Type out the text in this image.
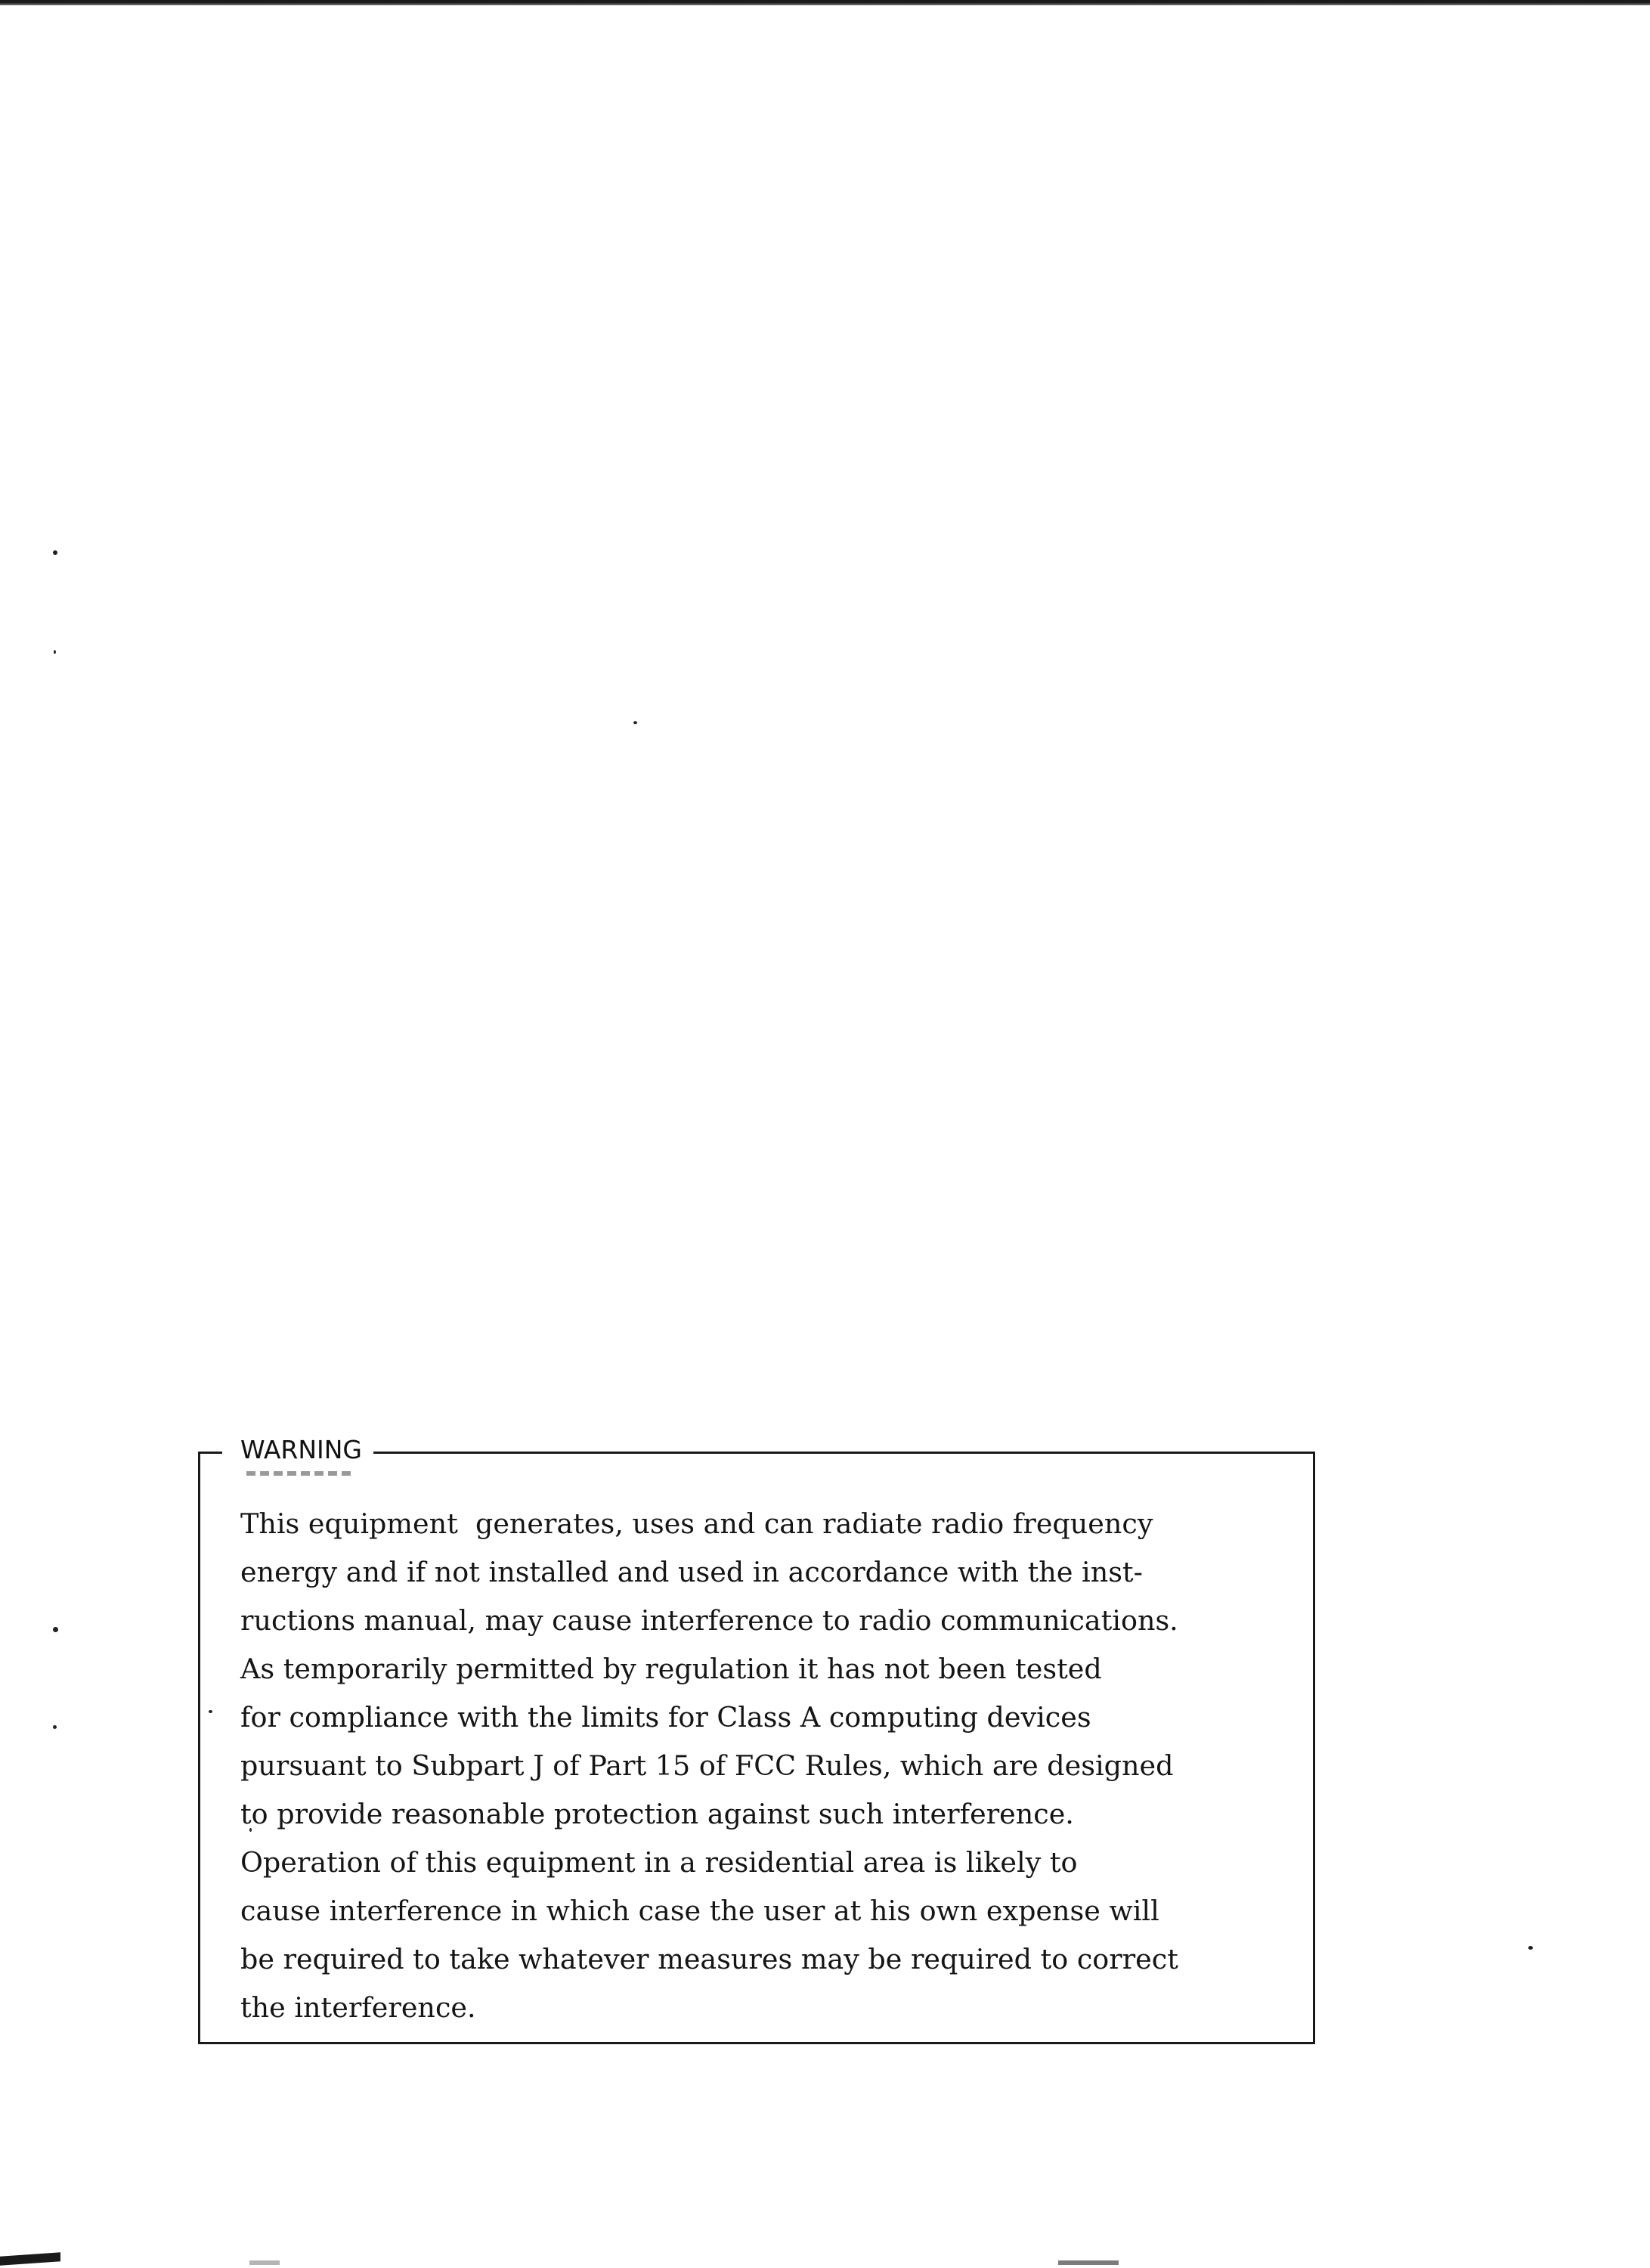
WARNING
This equipment  generates, uses and can radiate radio frequency
energy and if not installed and used in accordance with the inst-
ructions manual, may cause interference to radio communications.
As temporarily permitted by regulation it has not been tested
for compliance with the limits for Class A computing devices
pursuant to Subpart J of Part 15 of FCC Rules, which are designed
to provide reasonable protection against such interference.
Operation of this equipment in a residential area is likely to
cause interference in which case the user at his own expense will
be required to take whatever measures may be required to correct
the interference.
